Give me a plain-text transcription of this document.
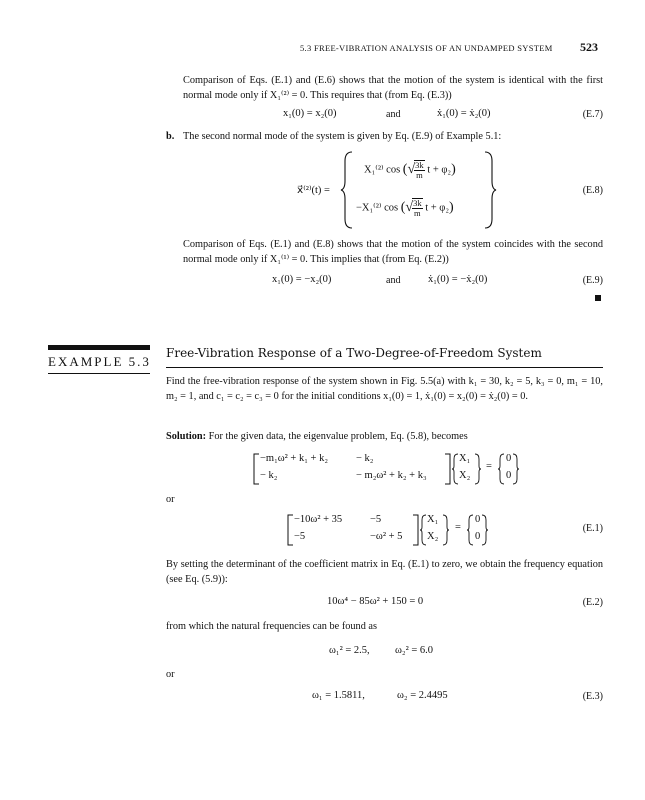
5.3 FREE-VIBRATION ANALYSIS OF AN UNDAMPED SYSTEM 523
Comparison of Eqs. (E.1) and (E.6) shows that the motion of the system is identical with the first normal mode only if X₁⁽²⁾ = 0. This requires that (from Eq. (E.3))
x₁(0) = x₂(0)	and	ẋ₁(0) = ẋ₂(0)	(E.7)
b. The second normal mode of the system is given by Eq. (E.9) of Example 5.1:
x⃗⁽²⁾(t) =
X₁⁽²⁾ cos (√ $\frac{3k}{m}$ t + φ₂)
−X₁⁽²⁾ cos (√ $\frac{3k}{m}$ t + φ₂)
(E.8)
Comparison of Eqs. (E.1) and (E.8) shows that the motion of the system coincides with the second normal mode only if X₁⁽¹⁾ = 0. This implies that (from Eq. (E.2))
x₁(0) = −x₂(0)	and	ẋ₁(0) = −ẋ₂(0)	(E.9)
EXAMPLE 5.3
Free-Vibration Response of a Two-Degree-of-Freedom System
Find the free-vibration response of the system shown in Fig. 5.5(a) with k₁ = 30, k₂ = 5, k₃ = 0, m₁ = 10, m₂ = 1, and c₁ = c₂ = c₃ = 0 for the initial conditions x₁(0) = 1, ẋ₁(0) = x₂(0) = ẋ₂(0) = 0.
Solution: For the given data, the eigenvalue problem, Eq. (5.8), becomes
−m₁ω² + k₁ + k₂	− k₂
− k₂	− m₂ω² + k₂ + k₃
X₁
X₂
=
0
0
or
−10ω² + 35	−5
−5	−ω² + 5
X₁
X₂
=
0
0
(E.1)
By setting the determinant of the coefficient matrix in Eq. (E.1) to zero, we obtain the frequency equation (see Eq. (5.9)):
10ω⁴ − 85ω² + 150 = 0	(E.2)
from which the natural frequencies can be found as
ω₁² = 2.5, ω₂² = 6.0
or
ω₁ = 1.5811,	ω₂ = 2.4495	(E.3)
